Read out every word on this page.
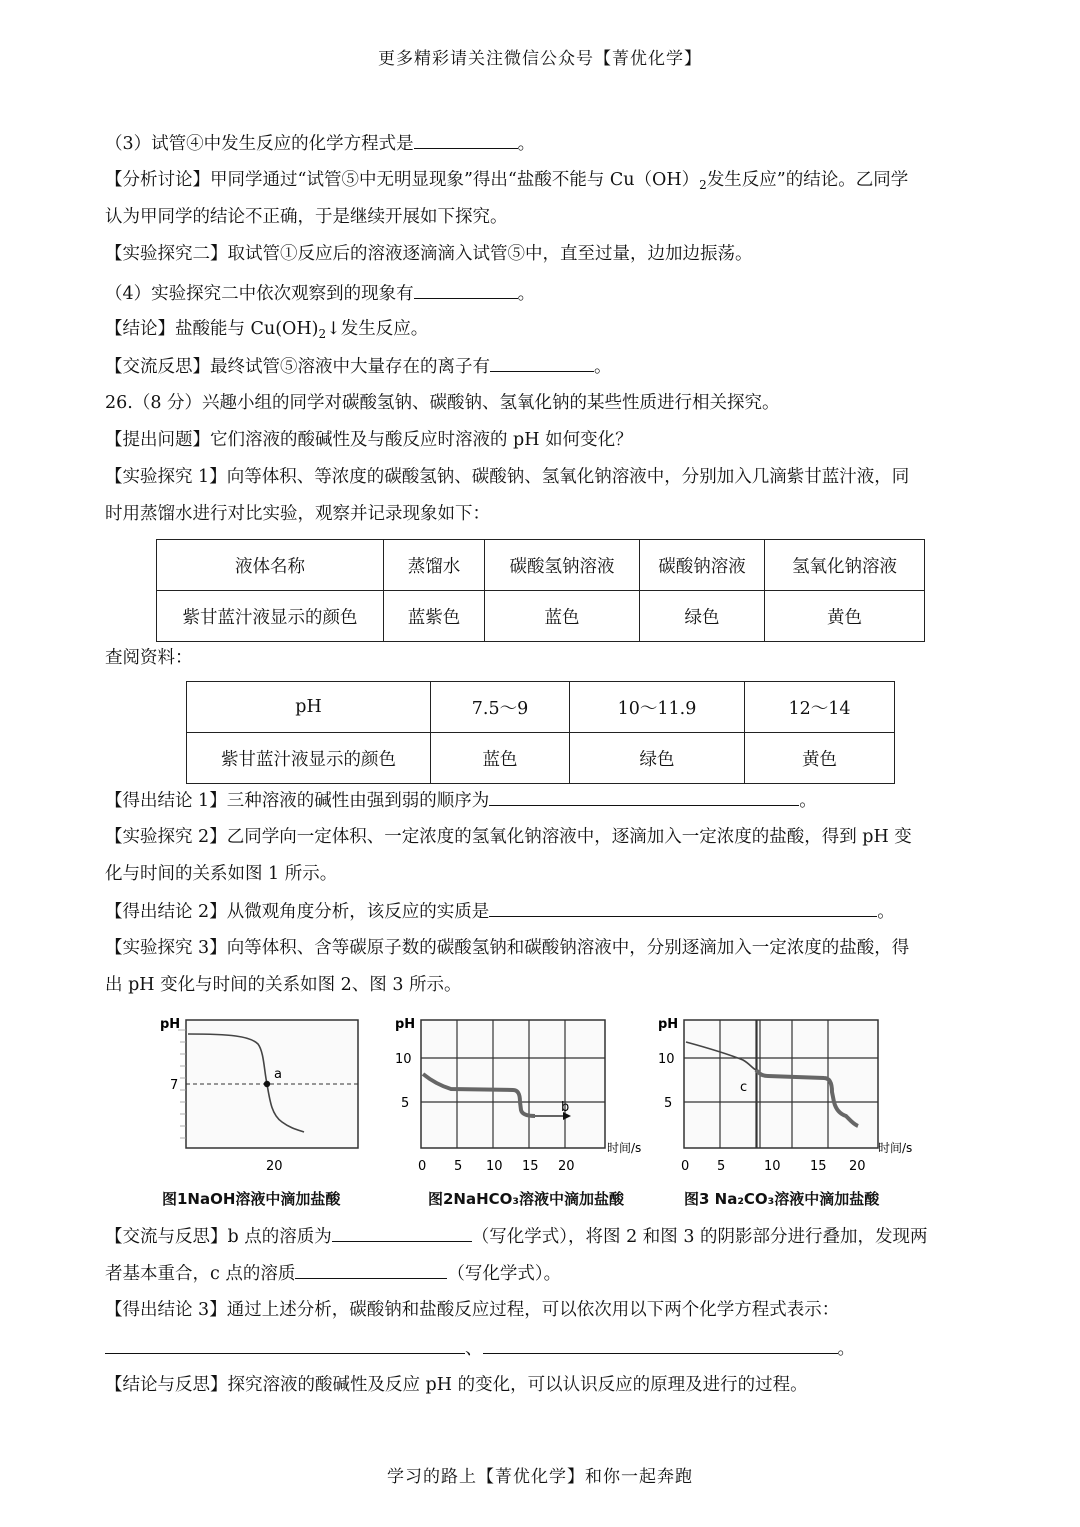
更多精彩请关注微信公众号【菁优化学】
（3）试管④中发生反应的化学方程式是	。
【分析讨论】甲同学通过“试管⑤中无明显现象”得出“盐酸不能与 $Cu(OH)_2$发生反应”的结论。乙同学
认为甲同学的结论不正确，于是继续开展如下探究。
【实验探究二】取试管①反应后的溶液逐滴滴入试管⑤中，直至过量，边加边振荡。
（4）实验探究二中依次观察到的现象有	。
【结论】盐酸能与 $Cu(OH)_2↓$发生反应。
【交流反思】最终试管⑤溶液中大量存在的离子有	。
26.（8 分）兴趣小组的同学对碳酸氢钠、碳酸钠、氢氧化钠的某些性质进行相关探究。
【提出问题】它们溶液的酸碱性及与酸反应时溶液的 pH 如何变化？
【实验探究 1】向等体积、等浓度的碳酸氢钠、碳酸钠、氢氧化钠溶液中，分别加入几滴紫甘蓝汁液，同
时用蒸馏水进行对比实验，观察并记录现象如下：
液体名称	蒸馏水	碳酸氢钠溶液	碳酸钠溶液	氢氧化钠溶液
紫甘蓝汁液显示的颜色	蓝紫色	蓝色	绿色	黄色
查阅资料：
pH	7.5～9	10～11.9	12～14
紫甘蓝汁液显示的颜色	蓝色	绿色	黄色
【得出结论 1】三种溶液的碱性由强到弱的顺序为	。
【实验探究 2】乙同学向一定体积、一定浓度的氢氧化钠溶液中，逐滴加入一定浓度的盐酸，得到 pH 变
化与时间的关系如图 1 所示。
【得出结论 2】从微观角度分析，该反应的实质是	。
【实验探究 3】向等体积、含等碳原子数的碳酸氢钠和碳酸钠溶液中，分别逐滴加入一定浓度的盐酸，得
出 pH 变化与时间的关系如图 2、图 3 所示。
pH
7
a
20
图1NaOH溶液中滴加盐酸
pH
10
5	b
时间/s
0 5 10 15 20
图2NaHCO₃溶液中滴加盐酸
pH
10
5
c
时间/s
0 5	10 15 20
图3 Na₂CO₃溶液中滴加盐酸
【交流与反思】b 点的溶质为	（写化学式），将图 2 和图 3 的阴影部分进行叠加，发现两
者基本重合，c 点的溶质	（写化学式）。
【得出结论 3】通过上述分析，碳酸钠和盐酸反应过程，可以依次用以下两个化学方程式表示：
、	。
【结论与反思】探究溶液的酸碱性及反应 pH 的变化，可以认识反应的原理及进行的过程。
学习的路上【菁优化学】和你一起奔跑
